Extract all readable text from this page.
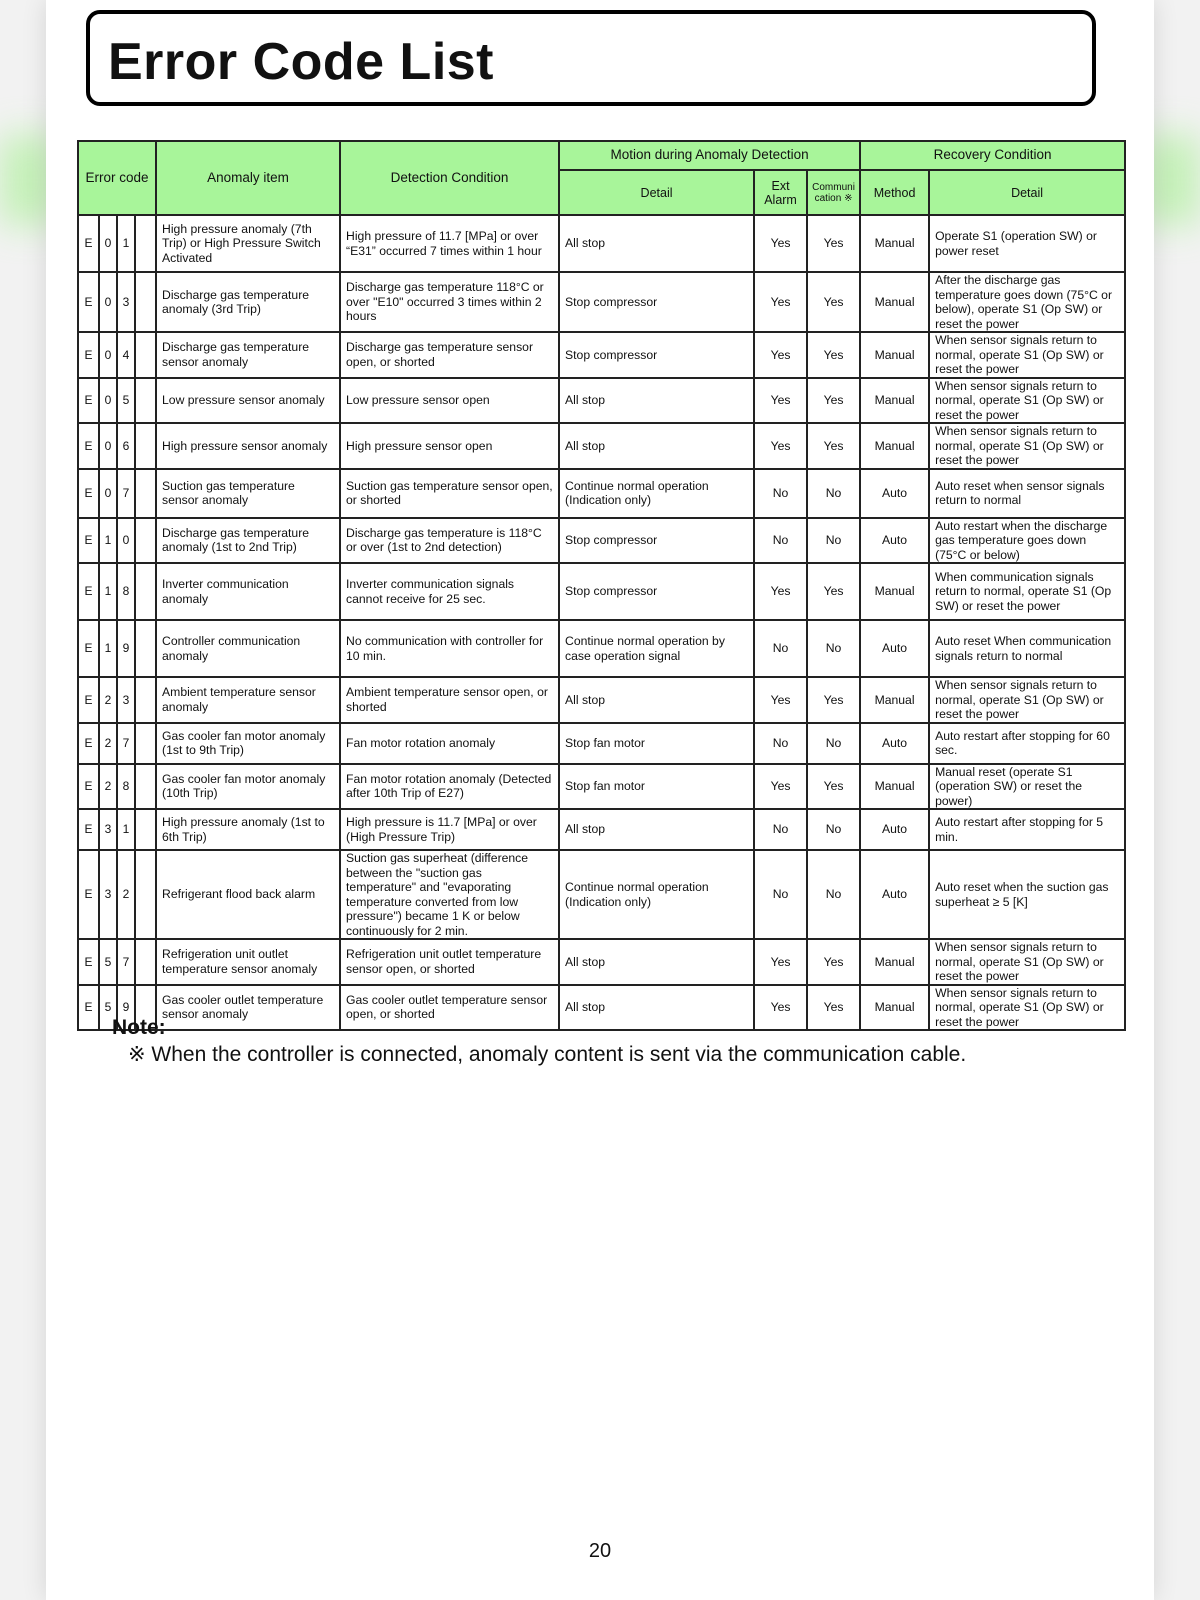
Error Code List
Error code				Anomaly item	Detection Condition	Motion during Anomaly Detection			Recovery Condition	
						Detail	Ext Alarm	Communi cation ※	Method	Detail
E	0	1		High pressure anomaly (7th Trip) or High Pressure Switch Activated	High pressure of 11.7 [MPa] or over “E31” occurred 7 times within 1 hour	All stop	Yes	Yes	Manual	Operate S1 (operation SW) or power reset
E	0	3		Discharge gas temperature anomaly (3rd Trip)	Discharge gas temperature 118°C or over "E10" occurred 3 times within 2 hours	Stop compressor	Yes	Yes	Manual	After the discharge gas temperature goes down (75°C or below), operate S1 (Op SW) or reset the power
E	0	4		Discharge gas temperature sensor anomaly	Discharge gas temperature sensor open, or shorted	Stop compressor	Yes	Yes	Manual	When sensor signals return to normal, operate S1 (Op SW) or reset the power
E	0	5		Low pressure sensor anomaly	Low pressure sensor open	All stop	Yes	Yes	Manual	When sensor signals return to normal, operate S1 (Op SW) or reset the power
E	0	6		High pressure sensor anomaly	High pressure sensor open	All stop	Yes	Yes	Manual	When sensor signals return to normal, operate S1 (Op SW) or reset the power
E	0	7		Suction gas temperature sensor anomaly	Suction gas temperature sensor open, or shorted	Continue normal operation (Indication only)	No	No	Auto	Auto reset when sensor signals return to normal
E	1	0		Discharge gas temperature anomaly (1st to 2nd Trip)	Discharge gas temperature is 118°C or over (1st to 2nd detection)	Stop compressor	No	No	Auto	Auto restart when the discharge gas temperature goes down (75°C or below)
E	1	8		Inverter communication anomaly	Inverter communication signals cannot receive for 25 sec.	Stop compressor	Yes	Yes	Manual	When communication signals return to normal, operate S1 (Op SW) or reset the power
E	1	9		Controller communication anomaly	No communication with controller for 10 min.	Continue normal operation by case operation signal	No	No	Auto	Auto reset When communication signals return to normal
E	2	3		Ambient temperature sensor anomaly	Ambient temperature sensor open, or shorted	All stop	Yes	Yes	Manual	When sensor signals return to normal, operate S1 (Op SW) or reset the power
E	2	7		Gas cooler fan motor anomaly (1st to 9th Trip)	Fan motor rotation anomaly	Stop fan motor	No	No	Auto	Auto restart after stopping for 60 sec.
E	2	8		Gas cooler fan motor anomaly (10th Trip)	Fan motor rotation anomaly (Detected after 10th Trip of E27)	Stop fan motor	Yes	Yes	Manual	Manual reset (operate S1 (operation SW) or reset the power)
E	3	1		High pressure anomaly (1st to 6th Trip)	High pressure is 11.7 [MPa] or over (High Pressure Trip)	All stop	No	No	Auto	Auto restart after stopping for 5 min.
E	3	2		Refrigerant flood back alarm	Suction gas superheat (difference between the "suction gas temperature" and "evaporating temperature converted from low pressure") became 1 K or below continuously for 2 min.	Continue normal operation (Indication only)	No	No	Auto	Auto reset when the suction gas superheat ≥ 5 [K]
E	5	7		Refrigeration unit outlet temperature sensor anomaly	Refrigeration unit outlet temperature sensor open, or shorted	All stop	Yes	Yes	Manual	When sensor signals return to normal, operate S1 (Op SW) or reset the power
E	5	9		Gas cooler outlet temperature sensor anomaly	Gas cooler outlet temperature sensor open, or shorted	All stop	Yes	Yes	Manual	When sensor signals return to normal, operate S1 (Op SW) or reset the power
Note:
※ When the controller is connected, anomaly content is sent via the communication cable.
20
